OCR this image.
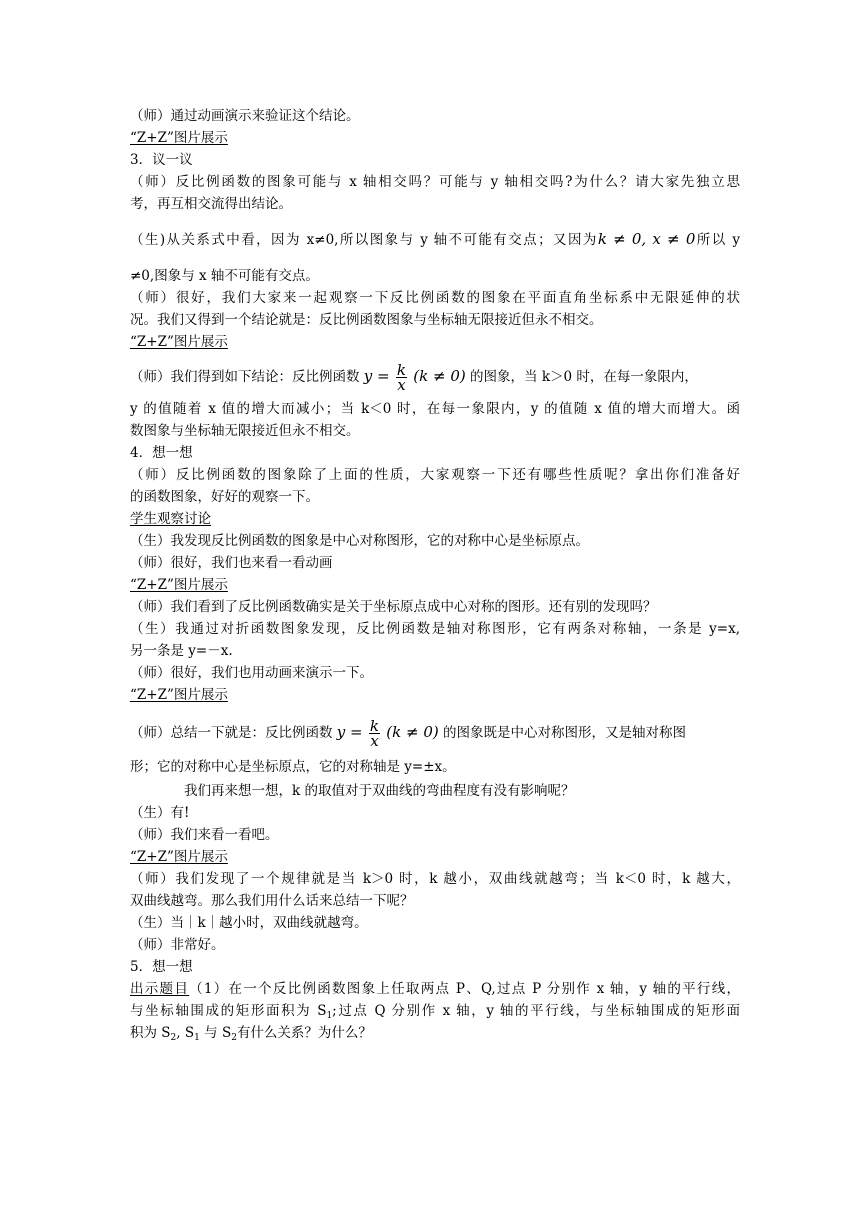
（师）通过动画演示来验证这个结论。
“Z+Z”图片展示
3．议一议
（师）反比例函数的图象可能与 x 轴相交吗？可能与 y 轴相交吗?为什么？请大家先独立思
考，再互相交流得出结论。
（生)从关系式中看，因为 x≠0,所以图象与 y 轴不可能有交点；又因为k ≠ 0, x ≠ 0所以 y
≠0,图象与 x 轴不可能有交点。
（师）很好，我们大家来一起观察一下反比例函数的图象在平面直角坐标系中无限延伸的状
况。我们又得到一个结论就是：反比例函数图象与坐标轴无限接近但永不相交。
“Z+Z”图片展示
（师）我们得到如下结论：反比例函数 $y = \frac{k}{x} (k \ne 0)$ 的图象，当 k＞0 时，在每一象限内，
y 的值随着 x 值的增大而减小；当 k＜0 时，在每一象限内，y 的值随 x 值的增大而增大。函
数图象与坐标轴无限接近但永不相交。
4．想一想
（师）反比例函数的图象除了上面的性质，大家观察一下还有哪些性质呢？拿出你们准备好
的函数图象，好好的观察一下。
学生观察讨论
（生）我发现反比例函数的图象是中心对称图形，它的对称中心是坐标原点。
（师）很好，我们也来看一看动画
“Z+Z”图片展示
（师）我们看到了反比例函数确实是关于坐标原点成中心对称的图形。还有别的发现吗？
（生）我通过对折函数图象发现，反比例函数是轴对称图形，它有两条对称轴，一条是 y=x,
另一条是 y=－x.
（师）很好，我们也用动画来演示一下。
“Z+Z”图片展示
（师）总结一下就是：反比例函数 $y = \frac{k}{x} (k \ne 0)$ 的图象既是中心对称图形，又是轴对称图
形；它的对称中心是坐标原点，它的对称轴是 y=±x。
我们再来想一想，k 的取值对于双曲线的弯曲程度有没有影响呢？
（生）有!
（师）我们来看一看吧。
“Z+Z”图片展示
（师）我们发现了一个规律就是当 k＞0 时，k 越小，双曲线就越弯；当 k＜0 时，k 越大，
双曲线越弯。那么我们用什么话来总结一下呢？
（生）当｜k｜越小时，双曲线就越弯。
（师）非常好。
5．想一想
出示题目（1）在一个反比例函数图象上任取两点 P、Q,过点 P 分别作 x 轴，y 轴的平行线，
与坐标轴围成的矩形面积为 $S_1$;过点 Q 分别作 x 轴，y 轴的平行线，与坐标轴围成的矩形面
积为 $S_2$, $S_1$ 与 $S_2$有什么关系？为什么？
